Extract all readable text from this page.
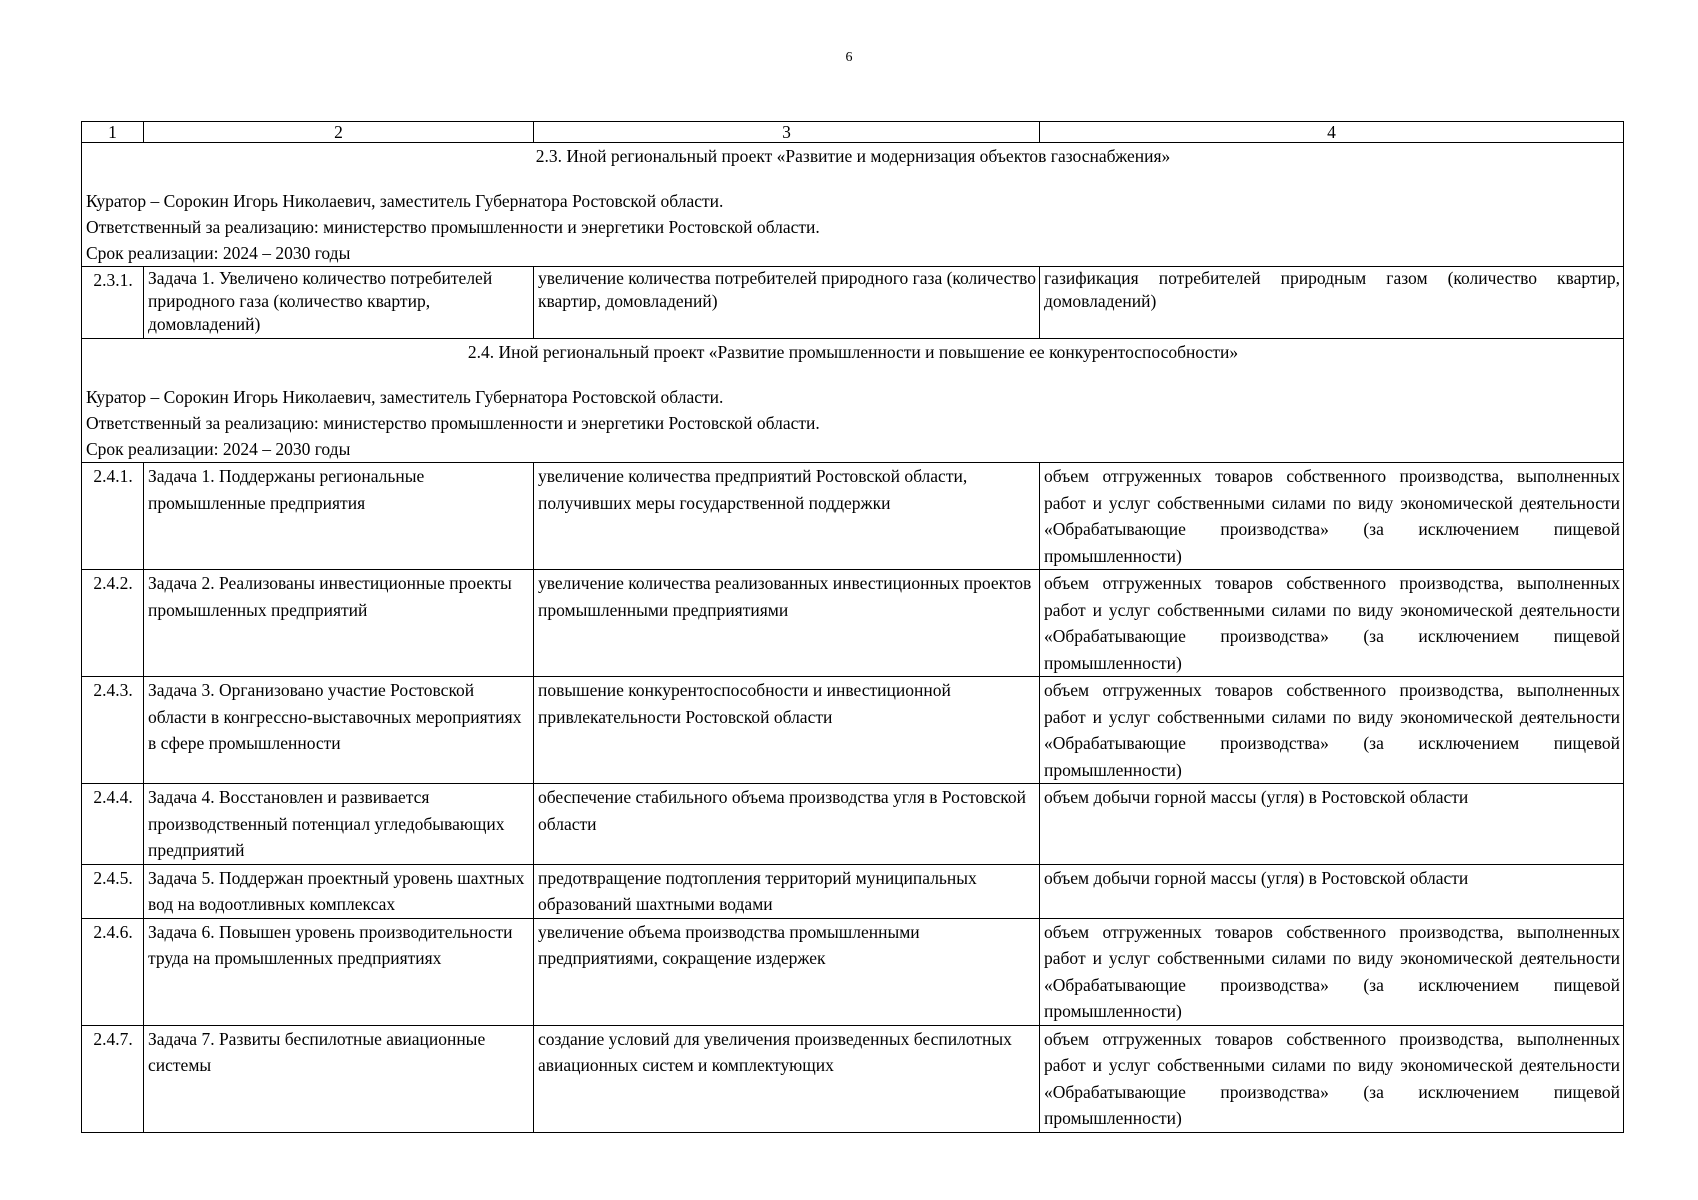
6
1	2	3	4

2.3. Иной региональный проект «Развитие и модернизация объектов газоснабжения»
Куратор – Сорокин Игорь Николаевич, заместитель Губернатора Ростовской области.
Ответственный за реализацию: министерство промышленности и энергетики Ростовской области.
Срок реализации: 2024 – 2030 годы			

2.3.1.	Задача 1. Увеличено количество потребителей природного газа (количество квартир, домовладений)	увеличение количества потребителей природного газа (количество квартир, домовладений)	газификация потребителей природным газом (количество квартир, домовладений)

2.4. Иной региональный проект «Развитие промышленности и повышение ее конкурентоспособности»
Куратор – Сорокин Игорь Николаевич, заместитель Губернатора Ростовской области.
Ответственный за реализацию: министерство промышленности и энергетики Ростовской области.
Срок реализации: 2024 – 2030 годы			

2.4.1.	Задача 1. Поддержаны региональные промышленные предприятия	увеличение количества предприятий Ростовской области, получивших меры государственной поддержки	объем отгруженных товаров собственного производства, выполненных работ и услуг собственными силами по виду экономической деятельности «Обрабатывающие производства» (за исключением пищевой промышленности)
2.4.2.	Задача 2. Реализованы инвестиционные проекты промышленных предприятий	увеличение количества реализованных инвестиционных проектов промышленными предприятиями	объем отгруженных товаров собственного производства, выполненных работ и услуг собственными силами по виду экономической деятельности «Обрабатывающие производства» (за исключением пищевой промышленности)
2.4.3.	Задача 3. Организовано участие Ростовской области в конгрессно-выставочных мероприятиях в сфере промышленности	повышение конкурентоспособности и инвестиционной привлекательности Ростовской области	объем отгруженных товаров собственного производства, выполненных работ и услуг собственными силами по виду экономической деятельности «Обрабатывающие производства» (за исключением пищевой промышленности)
2.4.4.	Задача 4. Восстановлен и развивается производственный потенциал угледобывающих предприятий	обеспечение стабильного объема производства угля в Ростовской области	объем добычи горной массы (угля) в Ростовской области
2.4.5.	Задача 5. Поддержан проектный уровень шахтных вод на водоотливных комплексах	предотвращение подтопления территорий муниципальных образований шахтными водами	объем добычи горной массы (угля) в Ростовской области
2.4.6.	Задача 6. Повышен уровень производительности труда на промышленных предприятиях	увеличение объема производства промышленными предприятиями, сокращение издержек	объем отгруженных товаров собственного производства, выполненных работ и услуг собственными силами по виду экономической деятельности «Обрабатывающие производства» (за исключением пищевой промышленности)
2.4.7.	Задача 7. Развиты беспилотные авиационные системы	создание условий для увеличения произведенных беспилотных авиационных систем и комплектующих	объем отгруженных товаров собственного производства, выполненных работ и услуг собственными силами по виду экономической деятельности «Обрабатывающие производства» (за исключением пищевой промышленности)
